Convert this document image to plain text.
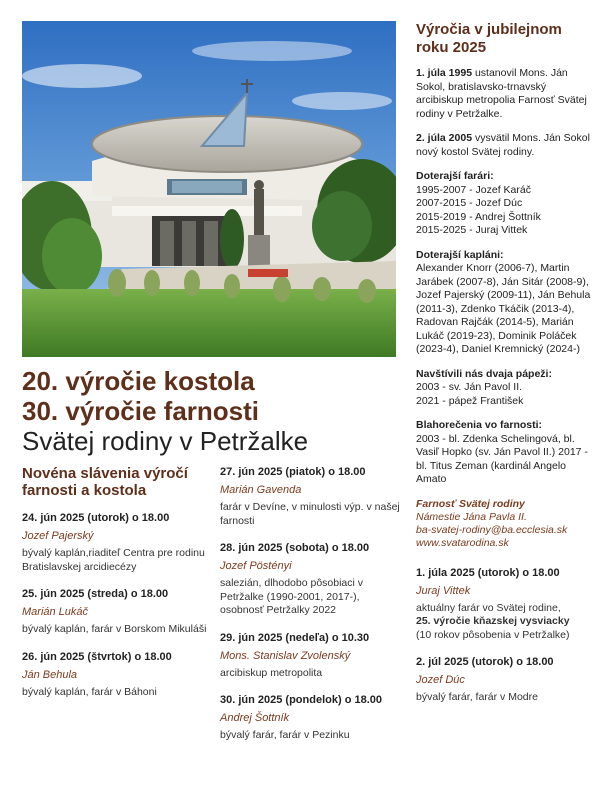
20. výročie kostola

30. výročie farnosti

Svätej rodiny v Petržalke

Novéna slávenia výročí farnosti a kostola

24. jún 2025 (utorok) o 18.00
Jozef Pajerský
bývalý kaplán,riaditeľ Centra pre rodinu Bratislavskej arcidiecézy
25. jún 2025 (streda) o 18.00
Marián Lukáč
bývalý kaplán, farár v Borskom Mikuláši
26. jún 2025 (štvrtok) o 18.00
Ján Behula
bývalý kaplán, farár v Báhoni
27. jún 2025 (piatok) o 18.00
Marián Gavenda
farár v Devíne, v minulosti výp. v našej farnosti
28. jún 2025 (sobota) o 18.00
Jozef Pöstényi
salezián, dlhodobo pôsobiaci v Petržalke (1990-2001, 2017-), osobnosť Petržalky 2022
29. jún 2025 (nedeľa) o 10.30
Mons. Stanislav Zvolenský
arcibiskup metropolita
30. jún 2025 (pondelok) o 18.00
Andrej Šottník
bývalý farár, farár v Pezinku

Výročia v jubilejnom roku 2025

1. júla 1995 ustanovil Mons. Ján Sokol, bratislavsko-trnavský arcibiskup metropolia Farnosť Svätej rodiny v Petržalke.
2. júla 2005 vysvätil Mons. Ján Sokol nový kostol Svätej rodiny.
Doterajší farári:
1995-2007 - Jozef Karáč
2007-2015 - Jozef Dúc
2015-2019 - Andrej Šottník
2015-2025 - Juraj Vittek
Doterajší kapláni:
Alexander Knorr (2006-7), Martin Jarábek (2007-8), Ján Sitár (2008-9), Jozef Pajerský (2009-11), Ján Behula (2011-3), Zdenko Tkáčik (2013-4), Radovan Rajčák (2014-5), Marián Lukáč (2019-23), Dominik Poláček (2023-4), Daniel Kremnický (2024-)
Navštívili nás dvaja pápeži:
2003 - sv. Ján Pavol II.
2021 - pápež František
Blahorečenia vo farnosti:
2003 - bl. Zdenka Schelingová, bl. Vasiľ Hopko (sv. Ján Pavol II.) 2017 - bl. Titus Zeman (kardinál Angelo Amato
Farnosť Svätej rodiny
Námestie Jána Pavla II.
ba-svatej-rodiny@ba.ecclesia.sk
www.svatarodina.sk
1. júla 2025 (utorok) o 18.00
Juraj Vittek
aktuálny farár vo Svätej rodine,
25. výročie kňazskej vysviacky
(10 rokov pôsobenia v Petržalke)
2. júl 2025 (utorok) o 18.00
Jozef Dúc
bývalý farár, farár v Modre
